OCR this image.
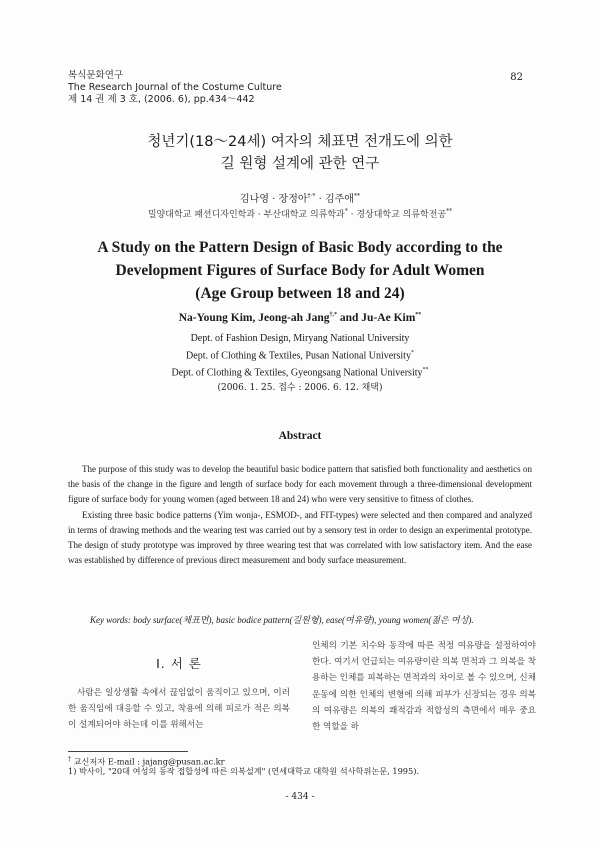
복식문화연구
The Research Journal of the Costume Culture
제 14 권 제 3 호, (2006. 6), pp.434～442
82
청년기(18～24세) 여자의 체표면 전개도에 의한
길 원형 설계에 관한 연구
김나영 · 장정아†·* · 김주애**
밀양대학교 패션디자인학과 · 부산대학교 의류학과* · 경상대학교 의류학전공**
A Study on the Pattern Design of Basic Body according to the
Development Figures of Surface Body for Adult Women
(Age Group between 18 and 24)
Na-Young Kim, Jeong-ah Jang†,* and Ju-Ae Kim**
Dept. of Fashion Design, Miryang National University
Dept. of Clothing & Textiles, Pusan National University*
Dept. of Clothing & Textiles, Gyeongsang National University**
(2006. 1. 25. 접수 : 2006. 6. 12. 채택)
Abstract

The purpose of this study was to develop the beautiful basic bodice pattern that satisfied both functionality and aesthetics on the basis of the change in the figure and length of surface body for each movement through a three-dimensional development figure of surface body for young women (aged between 18 and 24) who were very sensitive to fitness of clothes.

Existing three basic bodice patterns (Yim wonja-, ESMOD-, and FIT-types) were selected and then compared and analyzed in terms of drawing methods and the wearing test was carried out by a sensory test in order to design an experimental prototype. The design of study prototype was improved by three wearing test that was correlated with low satisfactory item. And the ease was established by difference of previous direct measurement and body surface measurement.

Key words: body surface(체표면), basic bodice pattern(길원형), ease(여유량), young women(젊은 여성).
Ⅰ. 서 론

사람은 일상생활 속에서 끊임없이 움직이고 있으며, 이러한 움직임에 대응할 수 있고, 착용에 의해 피로가 적은 의복이 설계되어야 하는데 이를 위해서는

인체의 기본 치수와 동작에 따른 적정 여유량을 설정하여야 한다. 여기서 언급되는 여유량이란 의복 면적과 그 의복을 착용하는 인체를 피복하는 면적과의 차이로 볼 수 있으며, 신체 운동에 의한 인체의 변형에 의해 피부가 신장되는 경우 의복의 여유량은 의복의 쾌적감과 적합성의 측면에서 매우 중요한 역할을 하
† 교신저자 E-mail : jajang@pusan.ac.kr
1) 박사이, "20대 여성의 동작 접합성에 따른 의복설계" (연세대학교 대학원 석사학위논문, 1995).
- 434 -
